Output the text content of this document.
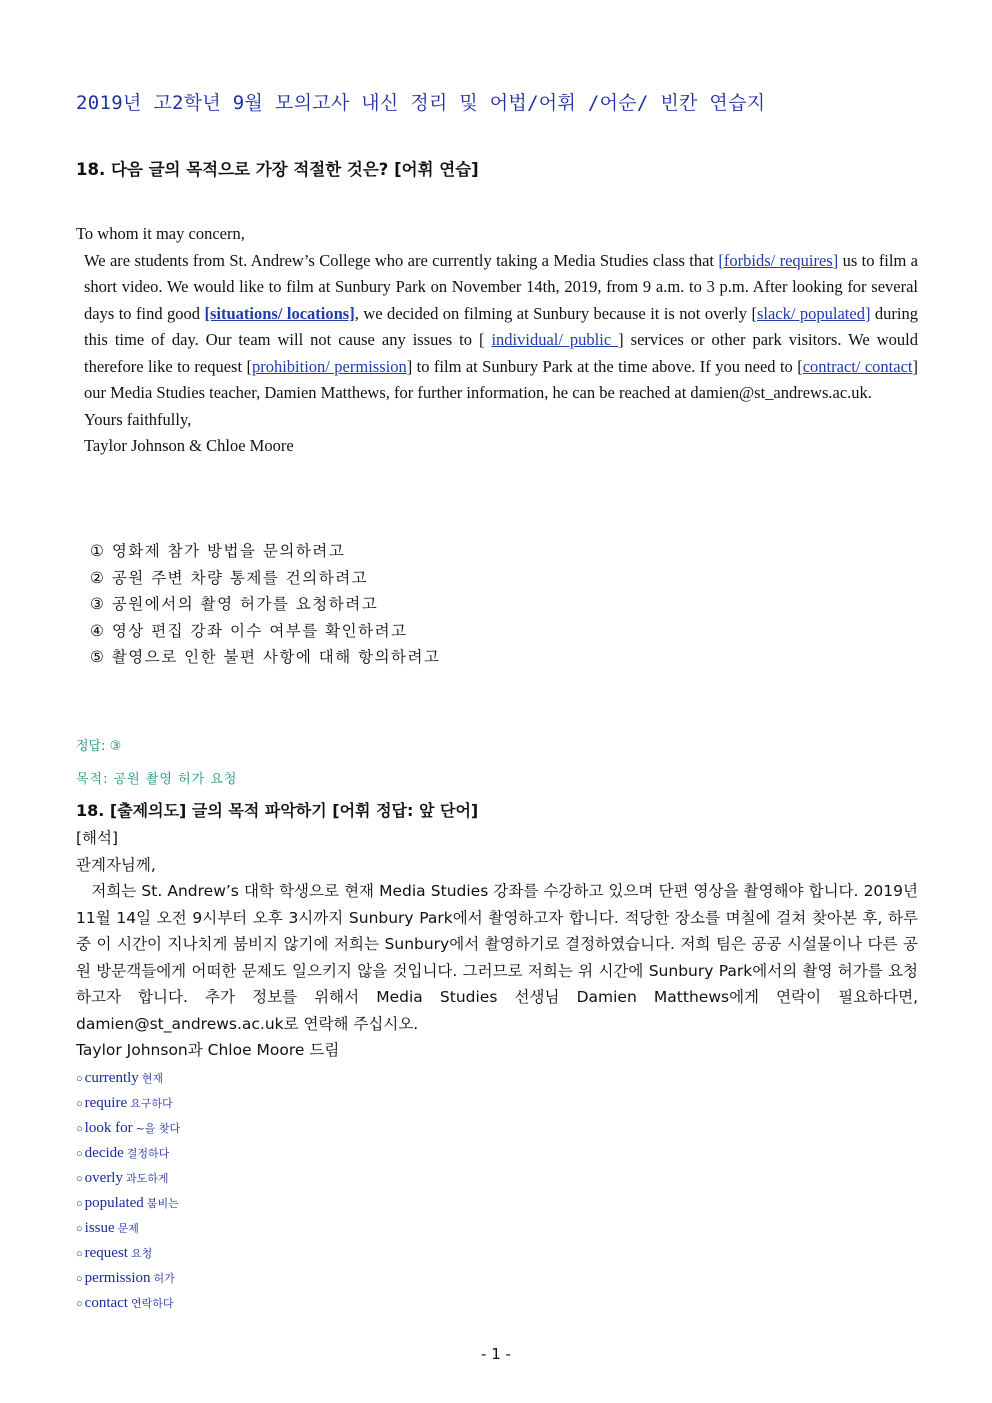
2019년 고2학년 9월 모의고사 내신 정리 및 어법/어휘 /어순/ 빈칸 연습지
18. 다음 글의 목적으로 가장 적절한 것은? [어휘 연습]

To whom it may concern,

We are students from St. Andrew’s College who are currently taking a Media Studies class that [forbids/ requires] us to film a short video. We would like to film at Sunbury Park on November 14th, 2019, from 9 a.m. to 3 p.m. After looking for several days to find good [situations/ locations], we decided on filming at Sunbury because it is not overly [slack/ populated] during this time of day. Our team will not cause any issues to [ individual/ public ] services or other park visitors. We would therefore like to request [prohibition/ permission] to film at Sunbury Park at the time above. If you need to [contract/ contact] our Media Studies teacher, Damien Matthews, for further information, he can be reached at damien@st_andrews.ac.uk.

Yours faithfully,

Taylor Johnson & Chloe Moore

① 영화제 참가 방법을 문의하려고
② 공원 주변 차량 통제를 건의하려고
③ 공원에서의 촬영 허가를 요청하려고
④ 영상 편집 강좌 이수 여부를 확인하려고
⑤ 촬영으로 인한 불편 사항에 대해 항의하려고
정답: ③
목적: 공원 촬영 허가 요청
18. [출제의도] 글의 목적 파악하기 [어휘 정답: 앞 단어]

[해석]

관계자님께,

저희는 St. Andrew’s 대학 학생으로 현재 Media Studies 강좌를 수강하고 있으며 단편 영상을 촬영해야 합니다. 2019년 11월 14일 오전 9시부터 오후 3시까지 Sunbury Park에서 촬영하고자 합니다. 적당한 장소를 며칠에 걸쳐 찾아본 후, 하루 중 이 시간이 지나치게 붐비지 않기에 저희는 Sunbury에서 촬영하기로 결정하였습니다. 저희 팀은 공공 시설물이나 다른 공원 방문객들에게 어떠한 문제도 일으키지 않을 것입니다. 그러므로 저희는 위 시간에 Sunbury Park에서의 촬영 허가를 요청하고자 합니다. 추가 정보를 위해서 Media Studies 선생님 Damien Matthews에게 연락이 필요하다면, damien@st_andrews.ac.uk로 연락해 주십시오.

Taylor Johnson과 Chloe Moore 드림

○ currently 현재
○ require 요구하다
○ look for ~을 찾다
○ decide 결정하다
○ overly 과도하게
○ populated 붐비는
○ issue 문제
○ request 요청
○ permission 허가
○ contact 연락하다
- 1 -
